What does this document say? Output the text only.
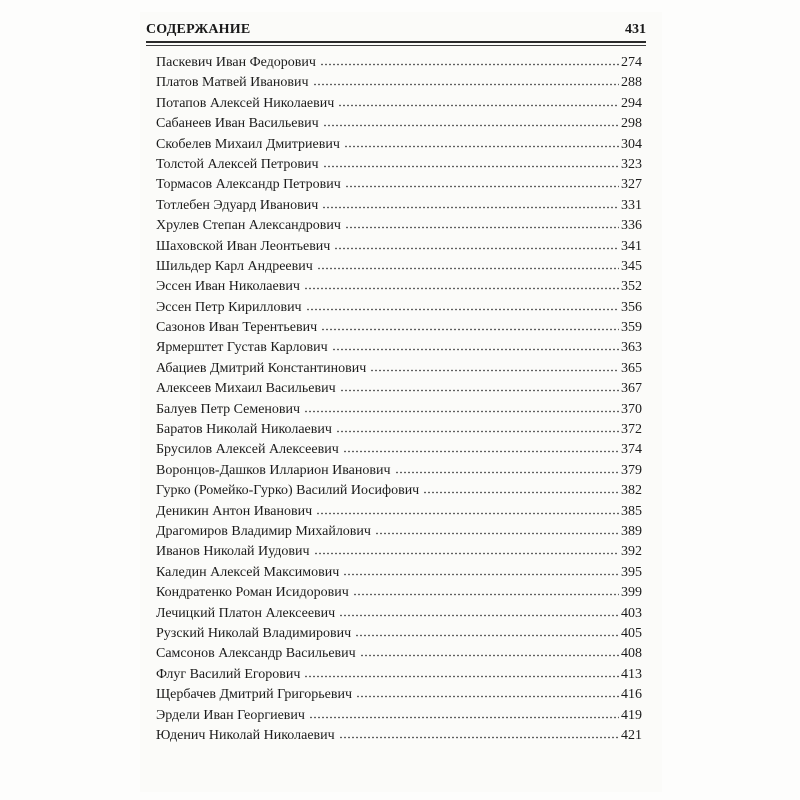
СОДЕРЖАНИЕ	431
Паскевич Иван Федорович	274
Платов Матвей Иванович	288
Потапов Алексей Николаевич	294
Сабанеев Иван Васильевич	298
Скобелев Михаил Дмитриевич	304
Толстой Алексей Петрович	323
Тормасов Александр Петрович	327
Тотлебен Эдуард Иванович	331
Хрулев Степан Александрович	336
Шаховской Иван Леонтьевич	341
Шильдер Карл Андреевич	345
Эссен Иван Николаевич	352
Эссен Петр Кириллович	356
Сазонов Иван Терентьевич	359
Ярмерштет Густав Карлович	363
Абациев Дмитрий Константинович	365
Алексеев Михаил Васильевич	367
Балуев Петр Семенович	370
Баратов Николай Николаевич	372
Брусилов Алексей Алексеевич	374
Воронцов-Дашков Илларион Иванович	379
Гурко (Ромейко-Гурко) Василий Иосифович	382
Деникин Антон Иванович	385
Драгомиров Владимир Михайлович	389
Иванов Николай Иудович	392
Каледин Алексей Максимович	395
Кондратенко Роман Исидорович	399
Лечицкий Платон Алексеевич	403
Рузский Николай Владимирович	405
Самсонов Александр Васильевич	408
Флуг Василий Егорович	413
Щербачев Дмитрий Григорьевич	416
Эрдели Иван Георгиевич	419
Юденич Николай Николаевич	421
